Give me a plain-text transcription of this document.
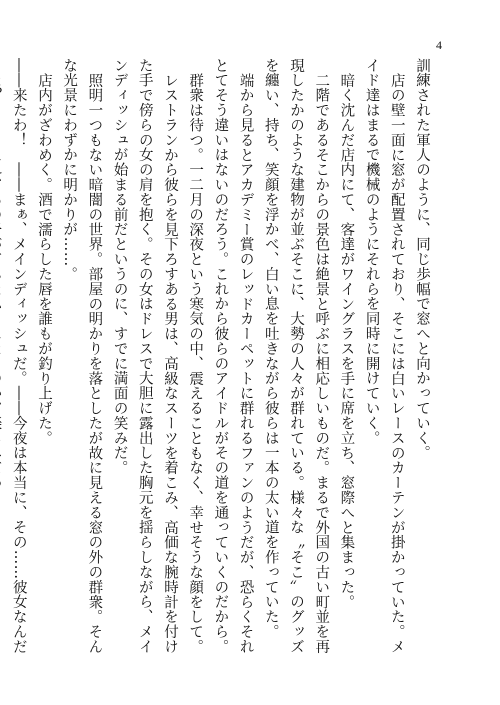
4

訓練された軍人のように、同じ歩幅で窓へと向かっていく。

店の壁一面に窓が配置されており、そこには白いレースのカーテンが掛かっていた。メイド達はまるで機械のようにそれらを同時に開けていく。

暗く沈んだ店内にて、客達がワイングラスを手に席を立ち、窓際へと集まった。

二階であるそこからの景色は絶景と呼ぶに相応しいものだ。まるで外国の古い町並を再現したかのような建物が並ぶそこに、大勢の人々が群れている。様々な〝そこ〟のグッズを纏い、持ち、笑顔を浮かべ、白い息を吐きながら彼らは一本の太い道を作っていた。

端から見るとアカデミー賞のレッドカーペットに群れるファンのようだが、恐らくそれとてそう違いはないのだろう。これから彼らのアイドルがその道を通っていくのだから。

群衆は待つ。一二月の深夜という寒気の中、震えることもなく、幸せそうな顔をして。

レストランから彼らを見下ろすある男は、高級なスーツを着こみ、高価な腕時計を付けた手で傍らの女の肩を抱く。その女はドレスで大胆に露出した胸元を揺らしながら、メインディッシュが始まる前だというのに、すでに満面の笑みだ。

照明一つもない暗闇の世界。部屋の明かりを落としたが故に見える窓の外の群衆。そんな光景にわずかに明かりが……。

店内がざわめく。酒で濡らした唇を誰もが釣り上げた。

――来たわ！　――まぁ、メインディッシュだ。――今夜は本当に、その……彼女なんだ　
